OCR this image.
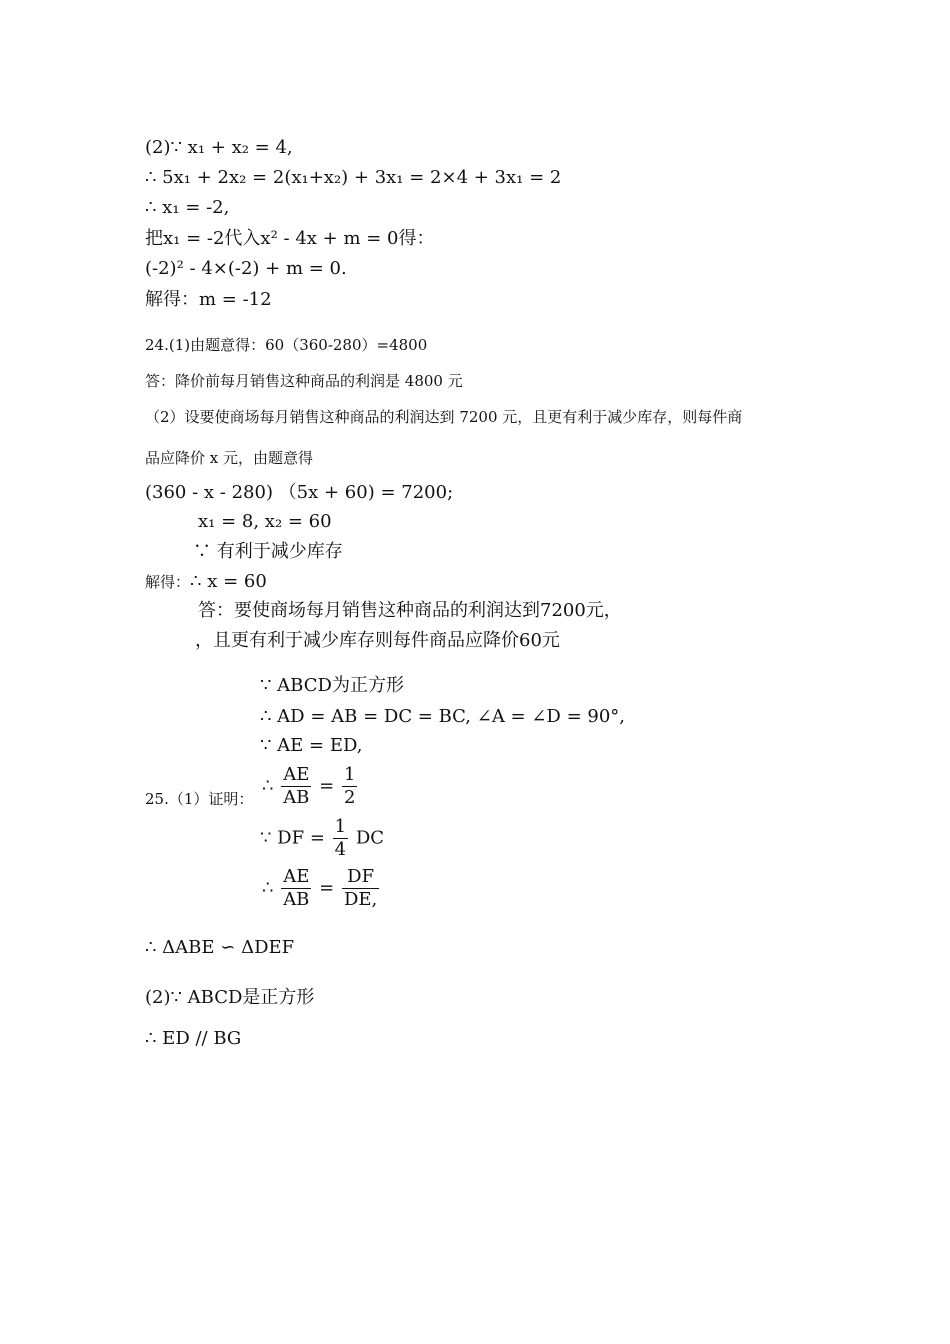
(2)∵ x₁ + x₂ = 4,
∴ 5x₁ + 2x₂ = 2(x₁+x₂) + 3x₁ = 2×4 + 3x₁ = 2
∴ x₁ = -2,
把x₁ = -2代入x² - 4x + m = 0得：
(-2)² - 4×(-2) + m = 0.
解得：m = -12
24.(1)由题意得：60（360-280）=4800
答：降价前每月销售这种商品的利润是 4800 元
（2）设要使商场每月销售这种商品的利润达到 7200 元，且更有利于减少库存，则每件商
品应降价 x 元，由题意得
(360 - x - 280) （5x + 60) = 7200;
x₁ = 8, x₂ = 60
∵ 有利于减少库存
解得：∴ x = 60
答：要使商场每月销售这种商品的利润达到7200元，
，且更有利于减少库存则每件商品应降价60元
∵ ABCD为正方形
∴ AD = AB = DC = BC, ∠A = ∠D = 90°,
∵ AE = ED,
25.（1）证明：
∴ $\frac{AE}{AB} = \frac{1}{2}$
∵ DF = $\frac{1}{4}$ DC
∴ $\frac{AE}{AB} = \frac{DF}{DE,}$
∴ ΔABE ∽ ΔDEF
(2)∵ ABCD是正方形
∴ ED // BG
